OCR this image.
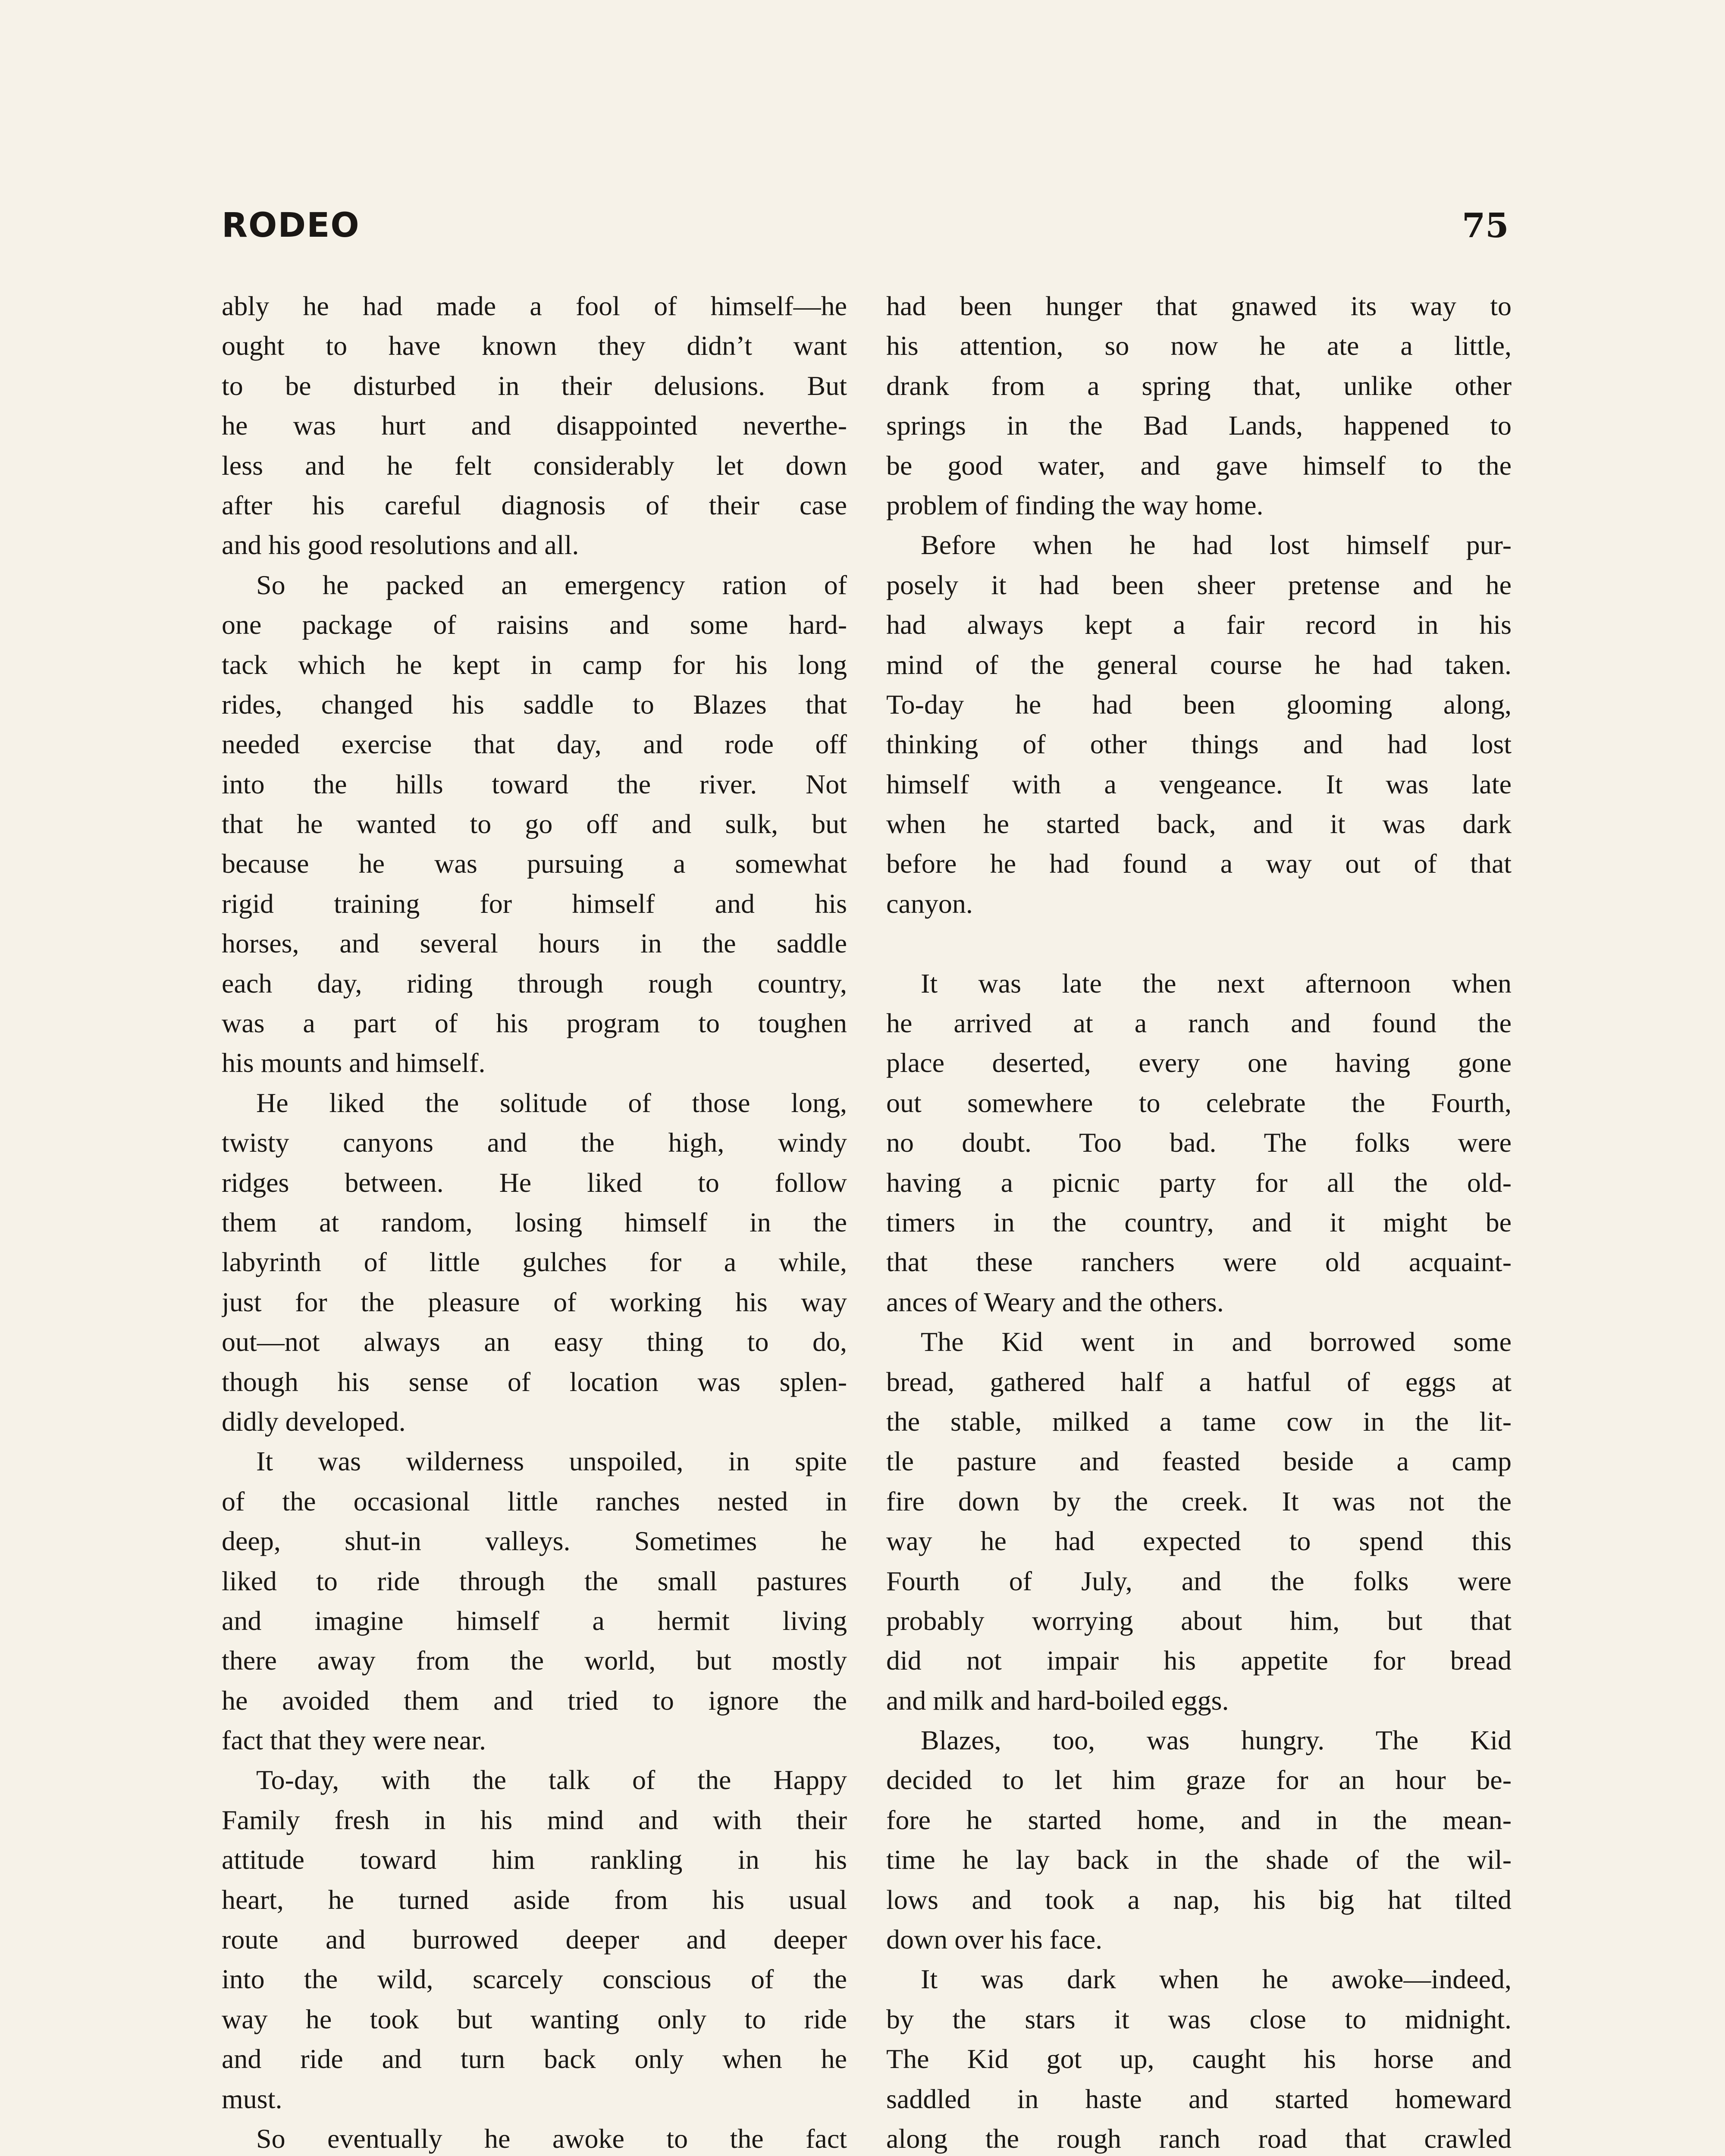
RODEO	75
ably he had made a fool of himself—he
ought to have known they didn’t want
to be disturbed in their delusions. But
he was hurt and disappointed neverthe-
less and he felt considerably let down
after his careful diagnosis of their case
and his good resolutions and all.
So he packed an emergency ration of
one package of raisins and some hard-
tack which he kept in camp for his long
rides, changed his saddle to Blazes that
needed exercise that day, and rode off
into the hills toward the river. Not
that he wanted to go off and sulk, but
because he was pursuing a somewhat
rigid training for himself and his
horses, and several hours in the saddle
each day, riding through rough country,
was a part of his program to toughen
his mounts and himself.
He liked the solitude of those long,
twisty canyons and the high, windy
ridges between. He liked to follow
them at random, losing himself in the
labyrinth of little gulches for a while,
just for the pleasure of working his way
out—not always an easy thing to do,
though his sense of location was splen-
didly developed.
It was wilderness unspoiled, in spite
of the occasional little ranches nested in
deep, shut-in valleys. Sometimes he
liked to ride through the small pastures
and imagine himself a hermit living
there away from the world, but mostly
he avoided them and tried to ignore the
fact that they were near.
To-day, with the talk of the Happy
Family fresh in his mind and with their
attitude toward him rankling in his
heart, he turned aside from his usual
route and burrowed deeper and deeper
into the wild, scarcely conscious of the
way he took but wanting only to ride
and ride and turn back only when he
must.
So eventually he awoke to the fact
had been hunger that gnawed its way to
his attention, so now he ate a little,
drank from a spring that, unlike other
springs in the Bad Lands, happened to
be good water, and gave himself to the
problem of finding the way home.
Before when he had lost himself pur-
posely it had been sheer pretense and he
had always kept a fair record in his
mind of the general course he had taken.
To-day he had been glooming along,
thinking of other things and had lost
himself with a vengeance. It was late
when he started back, and it was dark
before he had found a way out of that
canyon.
It was late the next afternoon when
he arrived at a ranch and found the
place deserted, every one having gone
out somewhere to celebrate the Fourth,
no doubt. Too bad. The folks were
having a picnic party for all the old-
timers in the country, and it might be
that these ranchers were old acquaint-
ances of Weary and the others.
The Kid went in and borrowed some
bread, gathered half a hatful of eggs at
the stable, milked a tame cow in the lit-
tle pasture and feasted beside a camp
fire down by the creek. It was not the
way he had expected to spend this
Fourth of July, and the folks were
probably worrying about him, but that
did not impair his appetite for bread
and milk and hard-boiled eggs.
Blazes, too, was hungry. The Kid
decided to let him graze for an hour be-
fore he started home, and in the mean-
time he lay back in the shade of the wil-
lows and took a nap, his big hat tilted
down over his face.
It was dark when he awoke—indeed,
by the stars it was close to midnight.
The Kid got up, caught his horse and
saddled in haste and started homeward
along the rough ranch road that crawled
